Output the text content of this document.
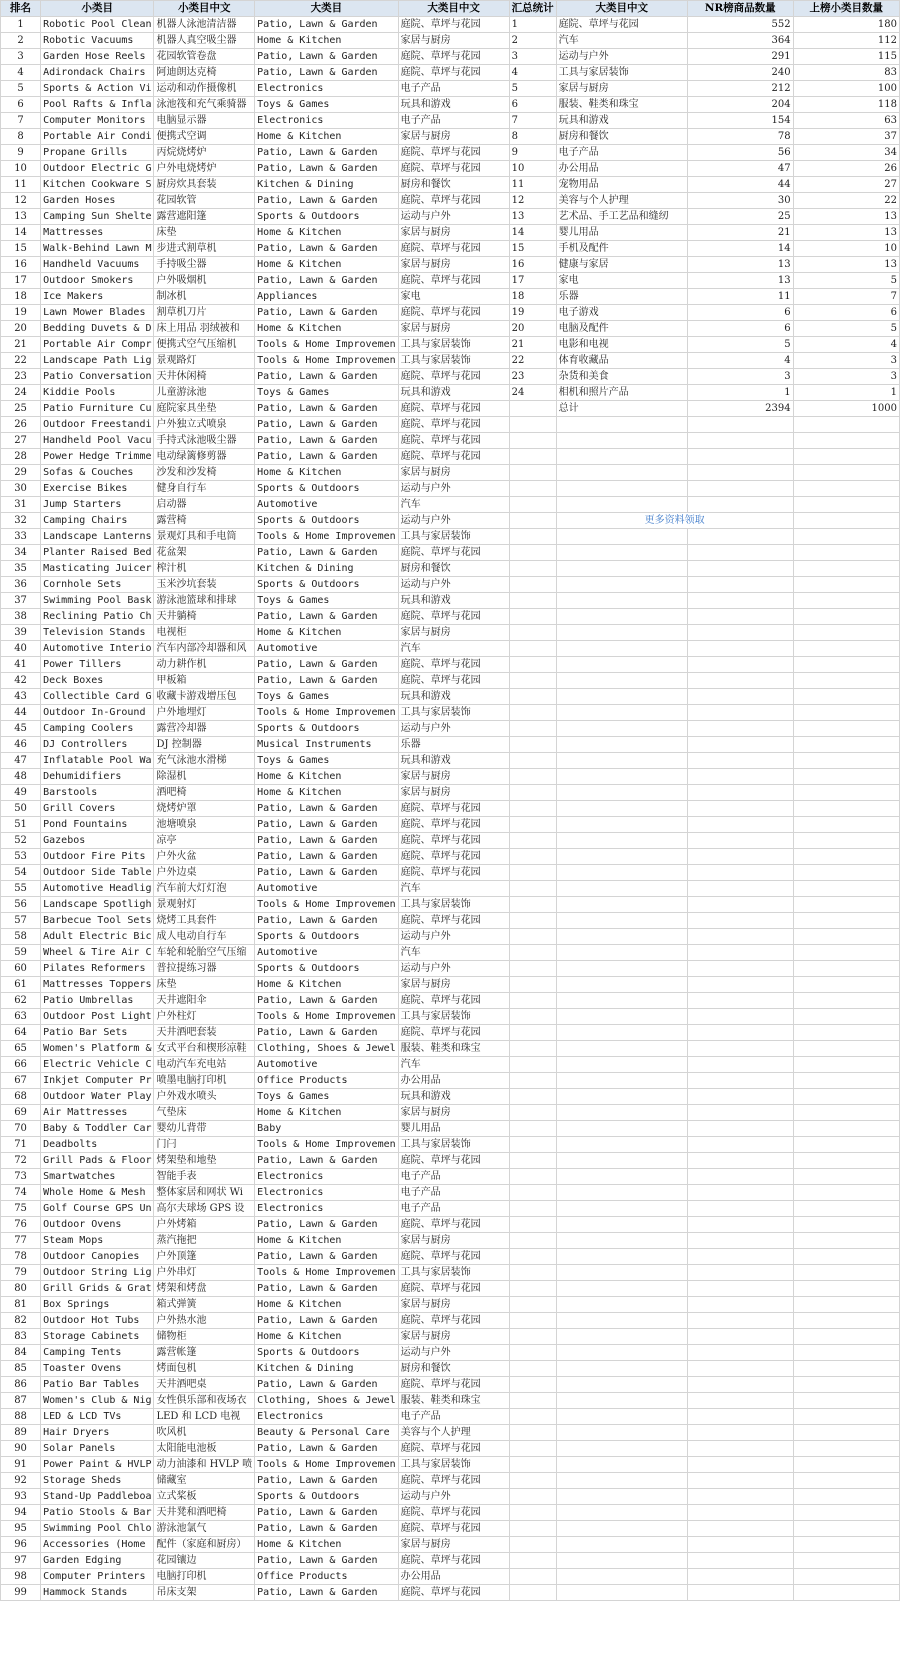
排名	小类目	小类目中文	大类目	大类目中文	汇总统计	大类目中文	NR榜商品数量	上榜小类目数量
1	Robotic Pool Clean	机器人泳池清洁器	Patio, Lawn & Garden	庭院、草坪与花园	1	庭院、草坪与花园	552	180
2	Robotic Vacuums	机器人真空吸尘器	Home & Kitchen	家居与厨房	2	汽车	364	112
3	Garden Hose Reels	花园软管卷盘	Patio, Lawn & Garden	庭院、草坪与花园	3	运动与户外	291	115
4	Adirondack Chairs	阿迪朗达克椅	Patio, Lawn & Garden	庭院、草坪与花园	4	工具与家居装饰	240	83
5	Sports & Action Vi	运动和动作摄像机	Electronics	电子产品	5	家居与厨房	212	100
6	Pool Rafts & Infla	泳池筏和充气乘骑器	Toys & Games	玩具和游戏	6	服装、鞋类和珠宝	204	118
7	Computer Monitors	电脑显示器	Electronics	电子产品	7	玩具和游戏	154	63
8	Portable Air Condi	便携式空调	Home & Kitchen	家居与厨房	8	厨房和餐饮	78	37
9	Propane Grills	丙烷烧烤炉	Patio, Lawn & Garden	庭院、草坪与花园	9	电子产品	56	34
10	Outdoor Electric G	户外电烧烤炉	Patio, Lawn & Garden	庭院、草坪与花园	10	办公用品	47	26
11	Kitchen Cookware S	厨房炊具套装	Kitchen & Dining	厨房和餐饮	11	宠物用品	44	27
12	Garden Hoses	花园软管	Patio, Lawn & Garden	庭院、草坪与花园	12	美容与个人护理	30	22
13	Camping Sun Shelte	露营遮阳篷	Sports & Outdoors	运动与户外	13	艺术品、手工艺品和缝纫	25	13
14	Mattresses	床垫	Home & Kitchen	家居与厨房	14	婴儿用品	21	13
15	Walk-Behind Lawn M	步进式割草机	Patio, Lawn & Garden	庭院、草坪与花园	15	手机及配件	14	10
16	Handheld Vacuums	手持吸尘器	Home & Kitchen	家居与厨房	16	健康与家居	13	13
17	Outdoor Smokers	户外吸烟机	Patio, Lawn & Garden	庭院、草坪与花园	17	家电	13	5
18	Ice Makers	制冰机	Appliances	家电	18	乐器	11	7
19	Lawn Mower Blades	割草机刀片	Patio, Lawn & Garden	庭院、草坪与花园	19	电子游戏	6	6
20	Bedding Duvets & D	床上用品 羽绒被和	Home & Kitchen	家居与厨房	20	电脑及配件	6	5
21	Portable Air Compr	便携式空气压缩机	Tools & Home Improvemen	工具与家居装饰	21	电影和电视	5	4
22	Landscape Path Lig	景观路灯	Tools & Home Improvemen	工具与家居装饰	22	体育收藏品	4	3
23	Patio Conversation	天井休闲椅	Patio, Lawn & Garden	庭院、草坪与花园	23	杂货和美食	3	3
24	Kiddie Pools	儿童游泳池	Toys & Games	玩具和游戏	24	相机和照片产品	1	1
25	Patio Furniture Cu	庭院家具坐垫	Patio, Lawn & Garden	庭院、草坪与花园		总计	2394	1000
26	Outdoor Freestandi	户外独立式喷泉	Patio, Lawn & Garden	庭院、草坪与花园				
27	Handheld Pool Vacu	手持式泳池吸尘器	Patio, Lawn & Garden	庭院、草坪与花园				
28	Power Hedge Trimme	电动绿篱修剪器	Patio, Lawn & Garden	庭院、草坪与花园				
29	Sofas & Couches	沙发和沙发椅	Home & Kitchen	家居与厨房				
30	Exercise Bikes	健身自行车	Sports & Outdoors	运动与户外				
31	Jump Starters	启动器	Automotive	汽车				
32	Camping Chairs	露营椅	Sports & Outdoors	运动与户外		更多资料领取		
33	Landscape Lanterns	景观灯具和手电筒	Tools & Home Improvemen	工具与家居装饰				
34	Planter Raised Bed	花盆架	Patio, Lawn & Garden	庭院、草坪与花园				
35	Masticating Juicer	榨汁机	Kitchen & Dining	厨房和餐饮				
36	Cornhole Sets	玉米沙坑套装	Sports & Outdoors	运动与户外				
37	Swimming Pool Bask	游泳池篮球和排球	Toys & Games	玩具和游戏				
38	Reclining Patio Ch	天井躺椅	Patio, Lawn & Garden	庭院、草坪与花园				
39	Television Stands	电视柜	Home & Kitchen	家居与厨房				
40	Automotive Interio	汽车内部冷却器和风	Automotive	汽车				
41	Power Tillers	动力耕作机	Patio, Lawn & Garden	庭院、草坪与花园				
42	Deck Boxes	甲板箱	Patio, Lawn & Garden	庭院、草坪与花园				
43	Collectible Card G	收藏卡游戏增压包	Toys & Games	玩具和游戏				
44	Outdoor In-Ground	户外地埋灯	Tools & Home Improvemen	工具与家居装饰				
45	Camping Coolers	露营冷却器	Sports & Outdoors	运动与户外				
46	DJ Controllers	DJ 控制器	Musical Instruments	乐器				
47	Inflatable Pool Wa	充气泳池水滑梯	Toys & Games	玩具和游戏				
48	Dehumidifiers	除湿机	Home & Kitchen	家居与厨房				
49	Barstools	酒吧椅	Home & Kitchen	家居与厨房				
50	Grill Covers	烧烤炉罩	Patio, Lawn & Garden	庭院、草坪与花园				
51	Pond Fountains	池塘喷泉	Patio, Lawn & Garden	庭院、草坪与花园				
52	Gazebos	凉亭	Patio, Lawn & Garden	庭院、草坪与花园				
53	Outdoor Fire Pits	户外火盆	Patio, Lawn & Garden	庭院、草坪与花园				
54	Outdoor Side Table	户外边桌	Patio, Lawn & Garden	庭院、草坪与花园				
55	Automotive Headlig	汽车前大灯灯泡	Automotive	汽车				
56	Landscape Spotligh	景观射灯	Tools & Home Improvemen	工具与家居装饰				
57	Barbecue Tool Sets	烧烤工具套件	Patio, Lawn & Garden	庭院、草坪与花园				
58	Adult Electric Bic	成人电动自行车	Sports & Outdoors	运动与户外				
59	Wheel & Tire Air C	车轮和轮胎空气压缩	Automotive	汽车				
60	Pilates Reformers	普拉提练习器	Sports & Outdoors	运动与户外				
61	Mattresses Toppers	床垫	Home & Kitchen	家居与厨房				
62	Patio Umbrellas	天井遮阳伞	Patio, Lawn & Garden	庭院、草坪与花园				
63	Outdoor Post Light	户外柱灯	Tools & Home Improvemen	工具与家居装饰				
64	Patio Bar Sets	天井酒吧套装	Patio, Lawn & Garden	庭院、草坪与花园				
65	Women's Platform &	女式平台和楔形凉鞋	Clothing, Shoes & Jewel	服装、鞋类和珠宝				
66	Electric Vehicle C	电动汽车充电站	Automotive	汽车				
67	Inkjet Computer Pr	喷墨电脑打印机	Office Products	办公用品				
68	Outdoor Water Play	户外戏水喷头	Toys & Games	玩具和游戏				
69	Air Mattresses	气垫床	Home & Kitchen	家居与厨房				
70	Baby & Toddler Car	婴幼儿背带	Baby	婴儿用品				
71	Deadbolts	门闩	Tools & Home Improvemen	工具与家居装饰				
72	Grill Pads & Floor	烤架垫和地垫	Patio, Lawn & Garden	庭院、草坪与花园				
73	Smartwatches	智能手表	Electronics	电子产品				
74	Whole Home & Mesh	整体家居和网状 Wi	Electronics	电子产品				
75	Golf Course GPS Un	高尔夫球场 GPS 设	Electronics	电子产品				
76	Outdoor Ovens	户外烤箱	Patio, Lawn & Garden	庭院、草坪与花园				
77	Steam Mops	蒸汽拖把	Home & Kitchen	家居与厨房				
78	Outdoor Canopies	户外顶篷	Patio, Lawn & Garden	庭院、草坪与花园				
79	Outdoor String Lig	户外串灯	Tools & Home Improvemen	工具与家居装饰				
80	Grill Grids & Grat	烤架和烤盘	Patio, Lawn & Garden	庭院、草坪与花园				
81	Box Springs	箱式弹簧	Home & Kitchen	家居与厨房				
82	Outdoor Hot Tubs	户外热水池	Patio, Lawn & Garden	庭院、草坪与花园				
83	Storage Cabinets	储物柜	Home & Kitchen	家居与厨房				
84	Camping Tents	露营帐篷	Sports & Outdoors	运动与户外				
85	Toaster Ovens	烤面包机	Kitchen & Dining	厨房和餐饮				
86	Patio Bar Tables	天井酒吧桌	Patio, Lawn & Garden	庭院、草坪与花园				
87	Women's Club & Nig	女性俱乐部和夜场衣	Clothing, Shoes & Jewel	服装、鞋类和珠宝				
88	LED & LCD TVs	LED 和 LCD 电视	Electronics	电子产品				
89	Hair Dryers	吹风机	Beauty & Personal Care	美容与个人护理				
90	Solar Panels	太阳能电池板	Patio, Lawn & Garden	庭院、草坪与花园				
91	Power Paint & HVLP	动力油漆和 HVLP 喷	Tools & Home Improvemen	工具与家居装饰				
92	Storage Sheds	储藏室	Patio, Lawn & Garden	庭院、草坪与花园				
93	Stand-Up Paddleboa	立式桨板	Sports & Outdoors	运动与户外				
94	Patio Stools & Bar	天井凳和酒吧椅	Patio, Lawn & Garden	庭院、草坪与花园				
95	Swimming Pool Chlo	游泳池氯气	Patio, Lawn & Garden	庭院、草坪与花园				
96	Accessories (Home	配件（家庭和厨房）	Home & Kitchen	家居与厨房				
97	Garden Edging	花园镶边	Patio, Lawn & Garden	庭院、草坪与花园				
98	Computer Printers	电脑打印机	Office Products	办公用品				
99	Hammock Stands	吊床支架	Patio, Lawn & Garden	庭院、草坪与花园				
